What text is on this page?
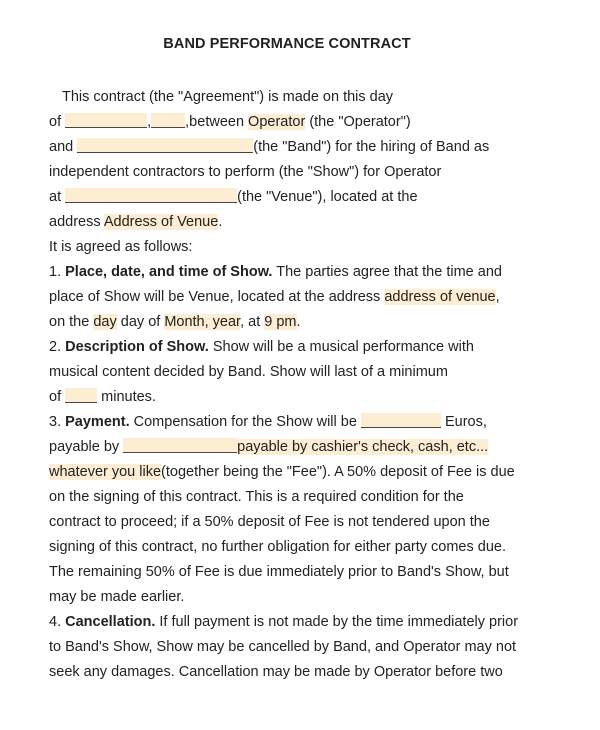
BAND PERFORMANCE CONTRACT
This contract (the "Agreement") is made on this day
of	, ,between Operator (the "Operator")
and	(the "Band") for the hiring of Band as
independent contractors to perform (the "Show") for Operator
at	(the "Venue"), located at the
address Address of Venue.
It is agreed as follows:
1. Place, date, and time of Show. The parties agree that the time and
place of Show will be Venue, located at the address address of venue,
on the day day of Month, year, at 9 pm.
2. Description of Show. Show will be a musical performance with
musical content decided by Band. Show will last of a minimum
of	minutes.
3. Payment. Compensation for the Show will be	Euros,
payable by	payable by cashier's check, cash, etc...
whatever you like(together being the "Fee"). A 50% deposit of Fee is due
on the signing of this contract. This is a required condition for the
contract to proceed; if a 50% deposit of Fee is not tendered upon the
signing of this contract, no further obligation for either party comes due.
The remaining 50% of Fee is due immediately prior to Band's Show, but
may be made earlier.
4. Cancellation. If full payment is not made by the time immediately prior
to Band's Show, Show may be cancelled by Band, and Operator may not
seek any damages. Cancellation may be made by Operator before two
